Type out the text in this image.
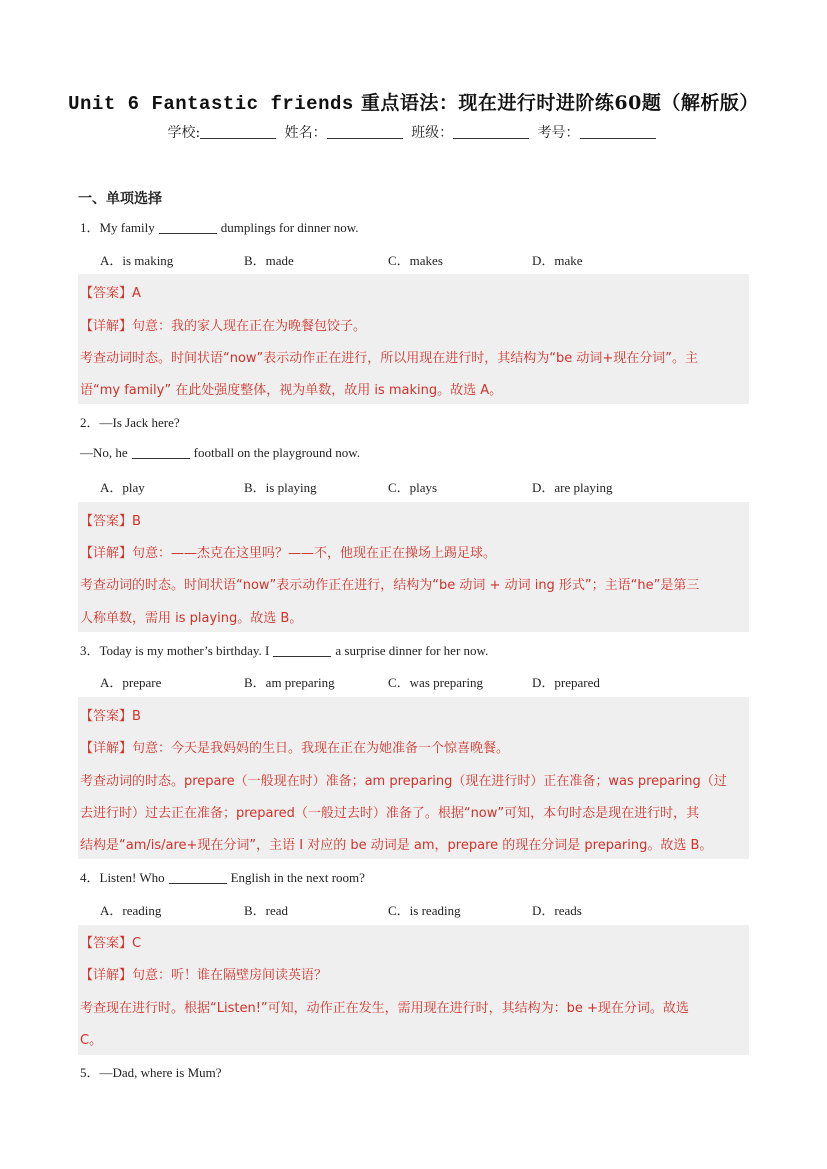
Unit 6 Fantastic friends 重点语法：现在进行时进阶练60题（解析版）
学校:	姓名：	班级：	考号：
一、单项选择
1．My family	dumplings for dinner now.
A．is making	B．made	C．makes	D．make
【答案】A
【详解】句意：我的家人现在正在为晚餐包饺子。
考查动词时态。时间状语“now”表示动作正在进行，所以用现在进行时，其结构为“be 动词+现在分词”。主
语“my family” 在此处强度整体，视为单数，故用 is making。故选 A。
2．—Is Jack here?
—No, he	football on the playground now.
A．play	B．is playing	C．plays	D．are playing
【答案】B
【详解】句意：——杰克在这里吗？——不，他现在正在操场上踢足球。
考查动词的时态。时间状语“now”表示动作正在进行，结构为“be 动词 + 动词 ing 形式”；主语“he”是第三
人称单数，需用 is playing。故选 B。
3．Today is my mother’s birthday. I	a surprise dinner for her now.
A．prepare	B．am preparing	C．was preparing	D．prepared
【答案】B
【详解】句意：今天是我妈妈的生日。我现在正在为她准备一个惊喜晚餐。
考查动词的时态。prepare（一般现在时）准备；am preparing（现在进行时）正在准备；was preparing（过
去进行时）过去正在准备；prepared（一般过去时）准备了。根据“now”可知，本句时态是现在进行时，其
结构是“am/is/are+现在分词”，主语 I 对应的 be 动词是 am，prepare 的现在分词是 preparing。故选 B。
4．Listen! Who	English in the next room?
A．reading	B．read	C．is reading	D．reads
【答案】C
【详解】句意：听！谁在隔壁房间读英语？
考查现在进行时。根据“Listen!”可知，动作正在发生，需用现在进行时，其结构为：be +现在分词。故选
C。
5．—Dad, where is Mum?
